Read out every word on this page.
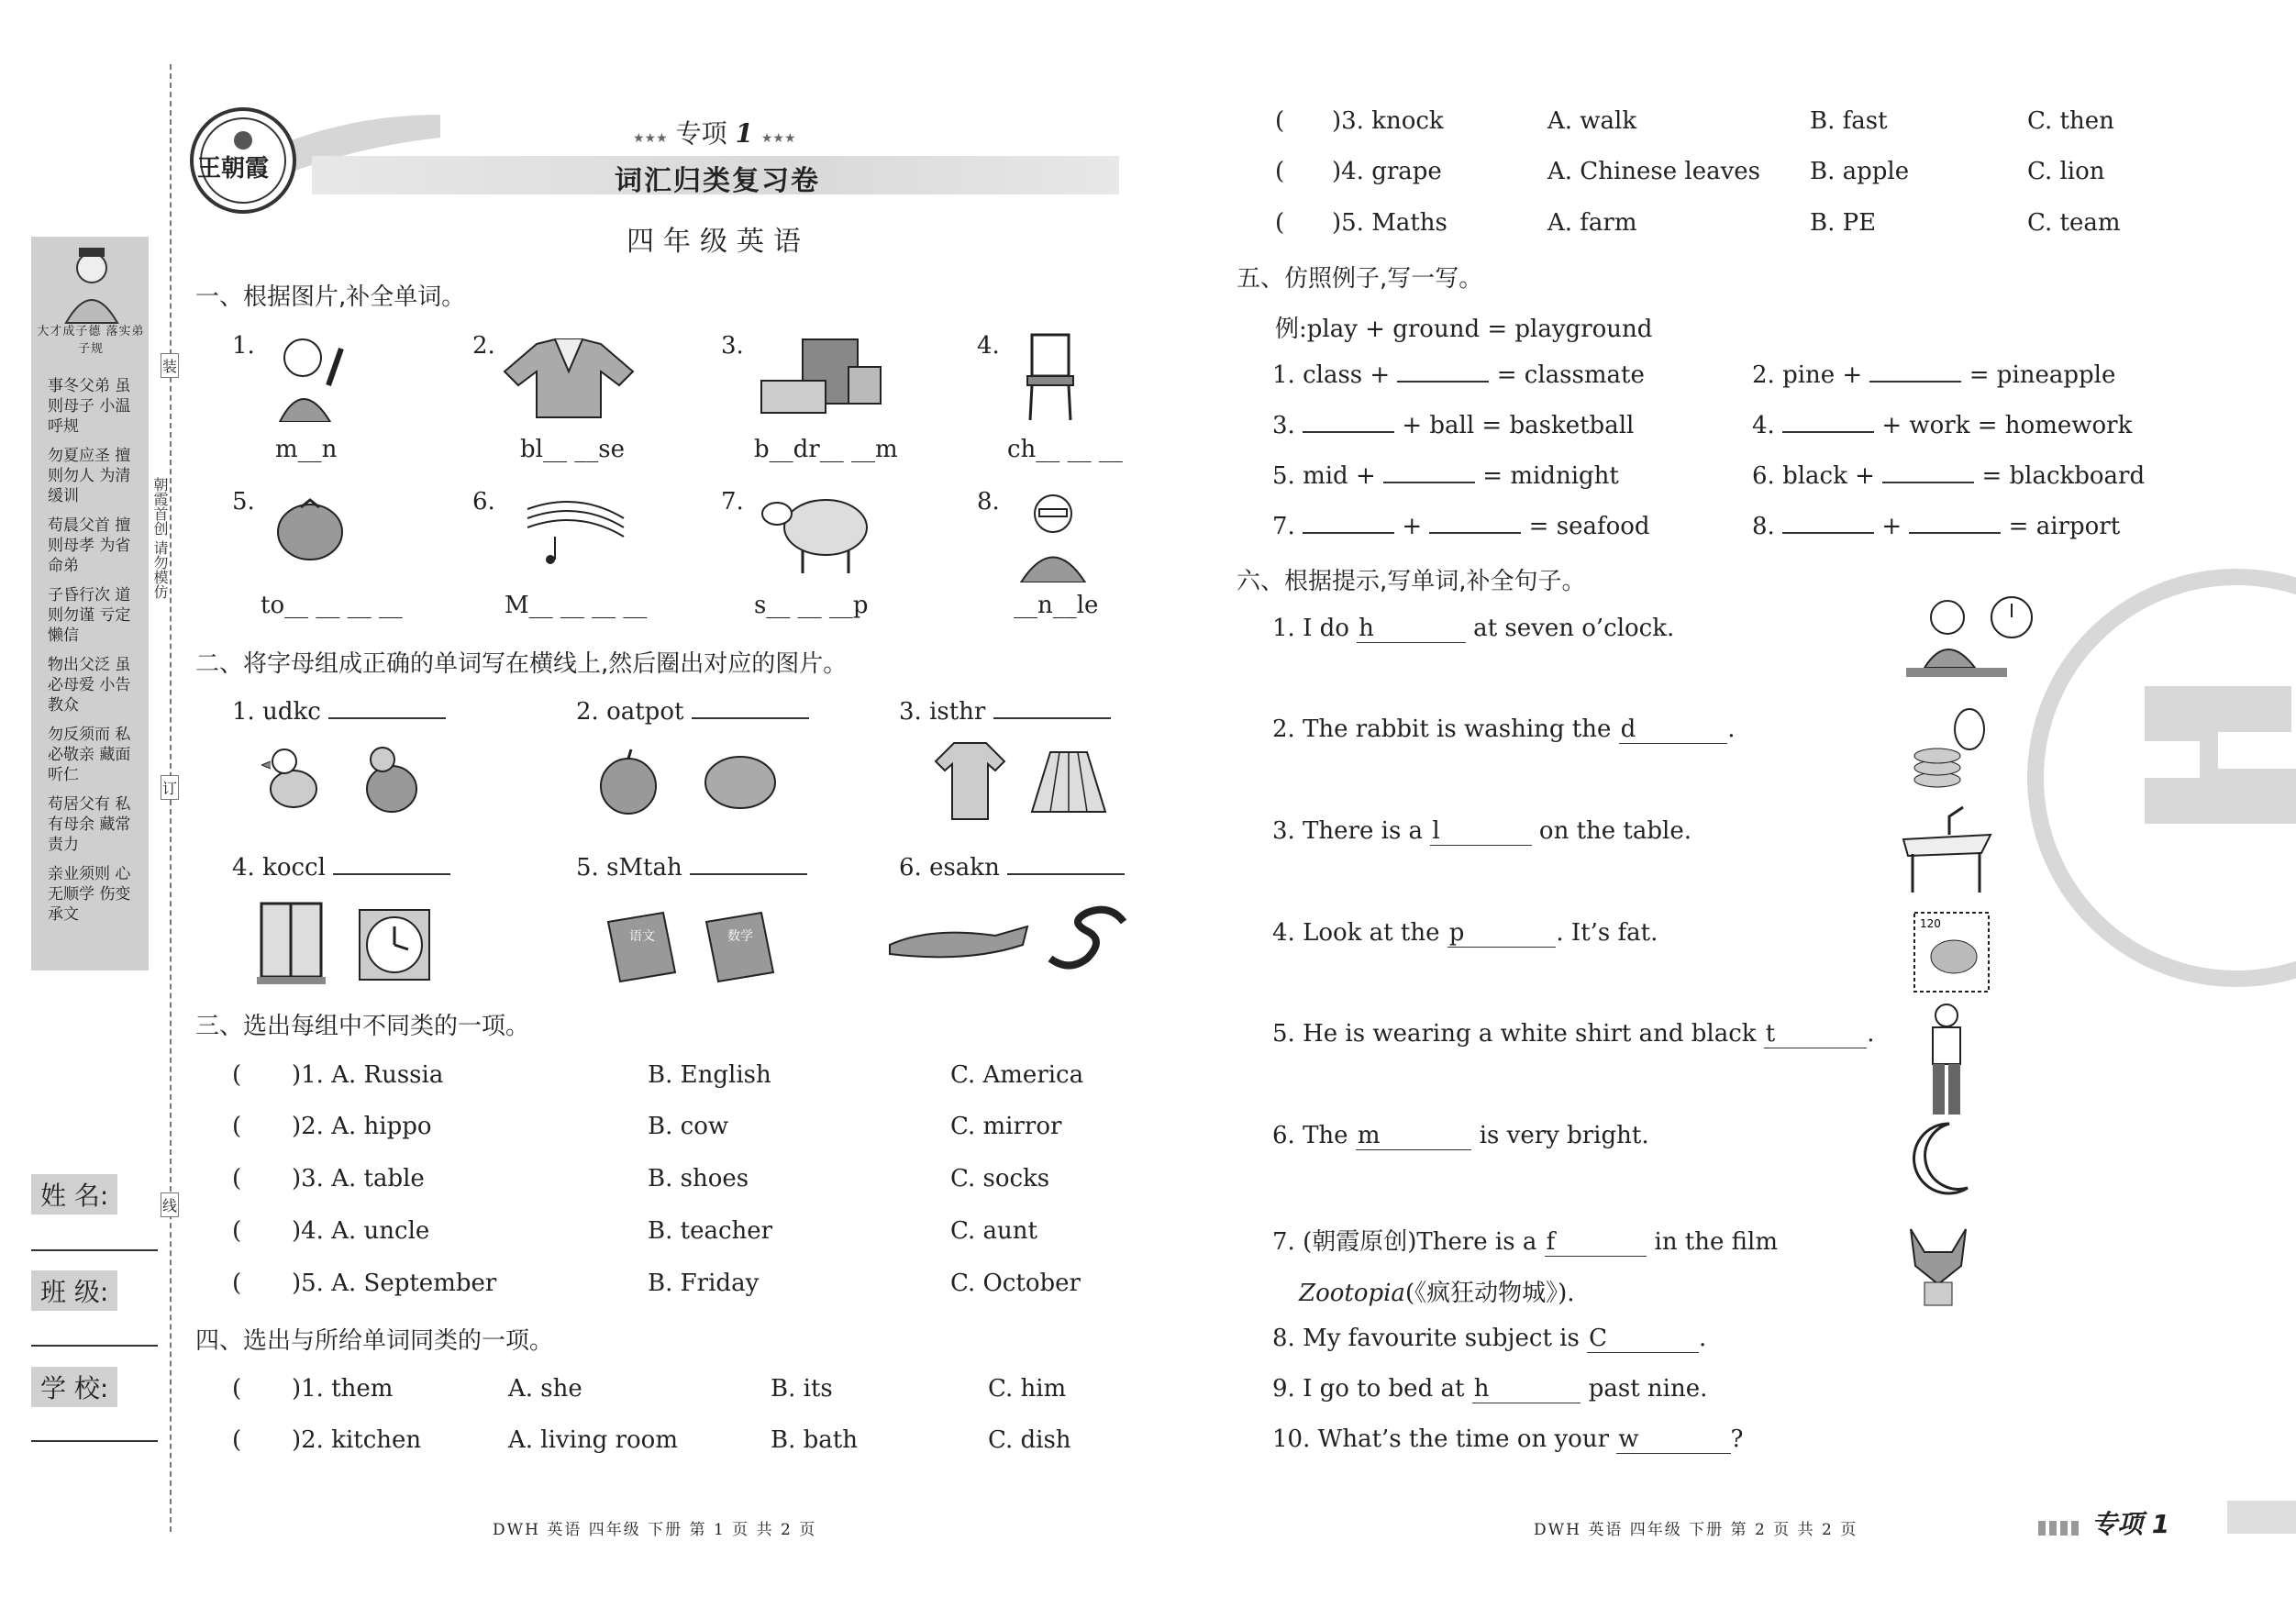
大才成子德 落实弟子规
事冬父弟 虽则母子 小温呼规
勿夏应圣 擅则勿人 为清缓训
苟晨父首 擅则母孝 为省命弟
子昏行次 道则勿谨 亏定懒信
物出父泛 虽必母爱 小告教众
勿反须而 私必敬亲 藏面听仁
苟居父有 私有母余 藏常责力
亲业须则 心无顺学 伤变承文
姓 名:
班 级:
学 校:
装
订
线
朝霞首创 请勿模仿
王朝霞
★★★ 专项 1 ★★★
词汇归类复习卷
四年级英语
一、根据图片,补全单词。
1.
m__n
2.
bl__ __se
3.
b__dr__ __m
4.
ch__ __ __
5.
to__ __ __ __
6.
M__ __ __ __
7.
s__ __ __p
8.
__n__le
二、将字母组成正确的单词写在横线上,然后圈出对应的图片。
1. udkc	2. oatpot	3. isthr
4. koccl	5. sMtah	6. esakn
语文	数学
三、选出每组中不同类的一项。
( )1. A. Russia	B. English	C. America
( )2. A. hippo	B. cow	C. mirror
( )3. A. table	B. shoes	C. socks
( )4. A. uncle	B. teacher	C. aunt
( )5. A. September	B. Friday	C. October
四、选出与所给单词同类的一项。
( )1. them	A. she	B. its	C. him
( )2. kitchen	A. living room	B. bath	C. dish
( )3. knock	A. walk	B. fast	C. then
( )4. grape	A. Chinese leaves B. apple	C. lion
( )5. Maths	A. farm	B. PE	C. team
五、仿照例子,写一写。
例:play + ground = playground
1. class +	= classmate	2. pine +	= pineapple
3.	+ ball = basketball	4.	+ work = homework
5. mid +	= midnight	6. black +	= blackboard
7.	+	= seafood	8.	+	= airport
六、根据提示,写单词,补全句子。
1. I do h	at seven o’clock.
2. The rabbit is washing the d	.
3. There is a l	on the table.
4. Look at the p	. It’s fat.
5. He is wearing a white shirt and black t	.
6. The m	is very bright.
7. (朝霞原创)There is a f	in the film
Zootopia(《疯狂动物城》).
8. My favourite subject is C	.
9. I go to bed at h	past nine.
10. What’s the time on your w	?
120
DWH 英语 四年级 下册 第 1 页 共 2 页	DWH 英语 四年级 下册 第 2 页 共 2 页	专项 1
